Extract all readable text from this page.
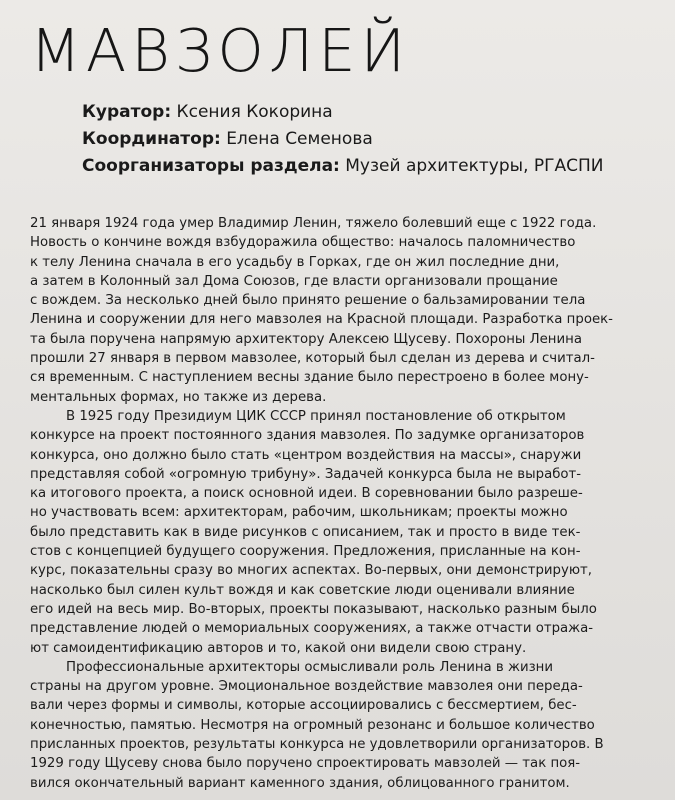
МАВЗОЛЕЙ
Куратор: Ксения Кокорина
Координатор: Елена Семенова
Соорганизаторы раздела: Музей архитектуры, РГАСПИ
21 января 1924 года умер Владимир Ленин, тяжело болевший еще с 1922 года.
Новость о кончине вождя взбудоражила общество: началось паломничество
к телу Ленина сначала в его усадьбу в Горках, где он жил последние дни,
а затем в Колонный зал Дома Союзов, где власти организовали прощание
с вождем. За несколько дней было принято решение о бальзамировании тела
Ленина и сооружении для него мавзолея на Красной площади. Разработка проек-
та была поручена напрямую архитектору Алексею Щусеву. Похороны Ленина
прошли 27 января в первом мавзолее, который был сделан из дерева и считал-
ся временным. С наступлением весны здание было перестроено в более мону-
ментальных формах, но также из дерева.
В 1925 году Президиум ЦИК СССР принял постановление об открытом
конкурсе на проект постоянного здания мавзолея. По задумке организаторов
конкурса, оно должно было стать «центром воздействия на массы», снаружи
представляя собой «огромную трибуну». Задачей конкурса была не выработ-
ка итогового проекта, а поиск основной идеи. В соревновании было разреше-
но участвовать всем: архитекторам, рабочим, школьникам; проекты можно
было представить как в виде рисунков с описанием, так и просто в виде тек-
стов с концепцией будущего сооружения. Предложения, присланные на кон-
курс, показательны сразу во многих аспектах. Во-первых, они демонстрируют,
насколько был силен культ вождя и как советские люди оценивали влияние
его идей на весь мир. Во-вторых, проекты показывают, насколько разным было
представление людей о мемориальных сооружениях, а также отчасти отража-
ют самоидентификацию авторов и то, какой они видели свою страну.
Профессиональные архитекторы осмысливали роль Ленина в жизни
страны на другом уровне. Эмоциональное воздействие мавзолея они переда-
вали через формы и символы, которые ассоциировались с бессмертием, бес-
конечностью, памятью. Несмотря на огромный резонанс и большое количество
присланных проектов, результаты конкурса не удовлетворили организаторов. В
1929 году Щусеву снова было поручено спроектировать мавзолей — так поя-
вился окончательный вариант каменного здания, облицованного гранитом.
